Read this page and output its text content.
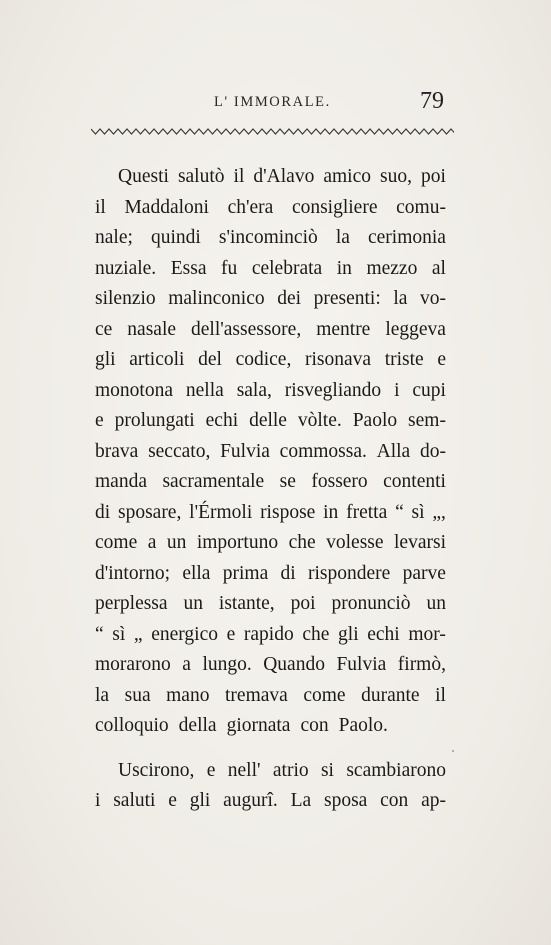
L' IMMORALE.	79
Questi salutò il d'Alavo amico suo, poi
il Maddaloni ch'era consigliere comu-
nale; quindi s'incominciò la cerimonia
nuziale. Essa fu celebrata in mezzo al
silenzio malinconico dei presenti: la vo-
ce nasale dell'assessore, mentre leggeva
gli articoli del codice, risonava triste e
monotona nella sala, risvegliando i cupi
e prolungati echi delle vòlte. Paolo sem-
brava seccato, Fulvia commossa. Alla do-
manda sacramentale se fossero contenti
di sposare, l'Érmoli rispose in fretta “ sì „,
come a un importuno che volesse levarsi
d'intorno; ella prima di rispondere parve
perplessa un istante, poi pronunciò un
“ sì „ energico e rapido che gli echi mor-
morarono a lungo. Quando Fulvia firmò,
la sua mano tremava come durante il
colloquio della giornata con Paolo.
Uscirono, e nell' atrio si scambiarono
i saluti e gli augurî. La sposa con ap-
